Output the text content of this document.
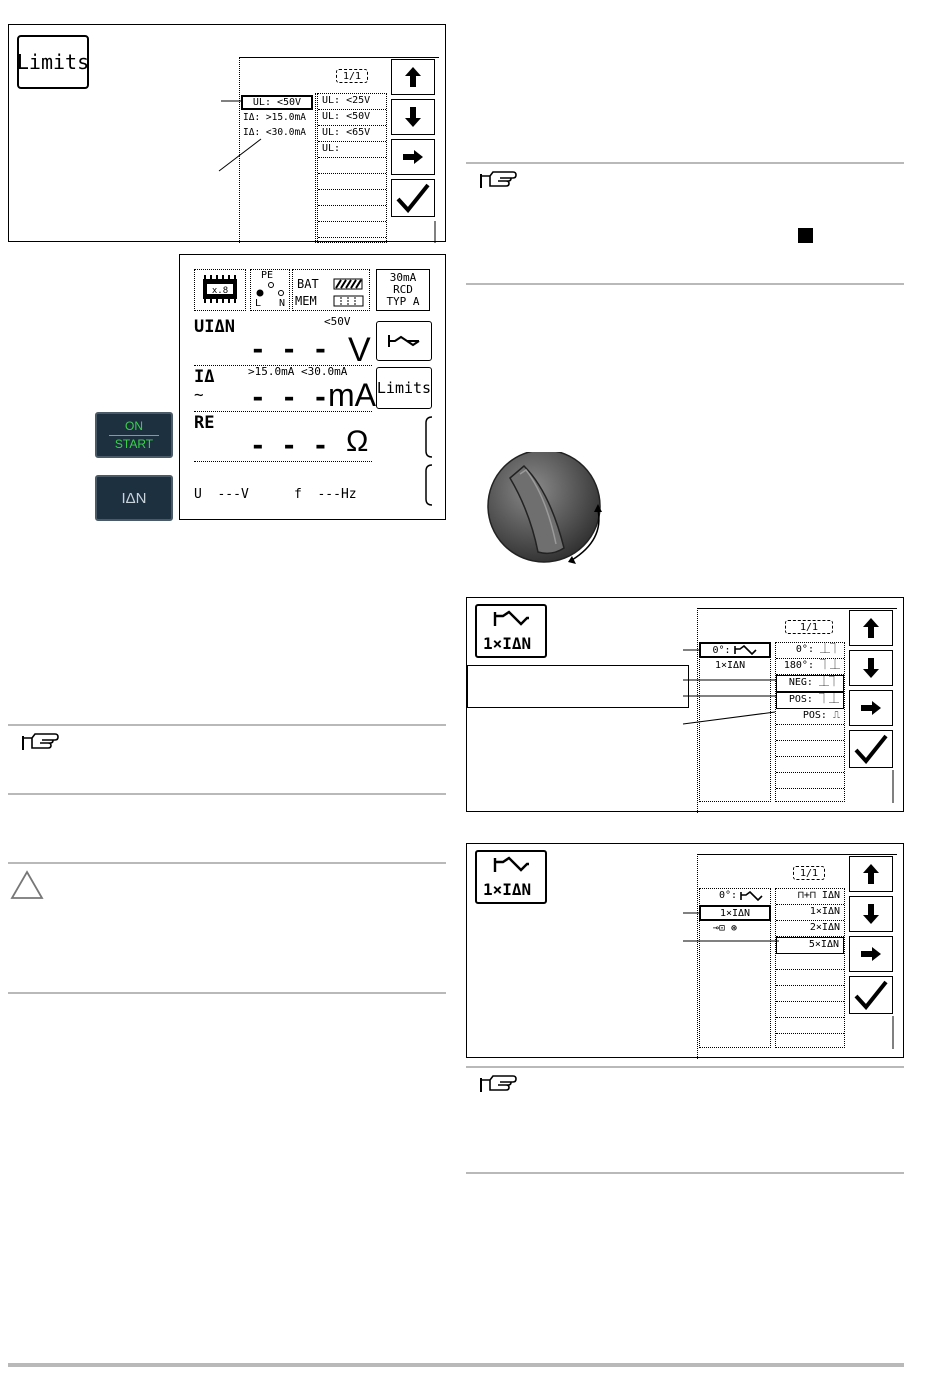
Limits
1/1
UL: <50V
IΔ: >15.0mA
IΔ: <30.0mA
UL: <25V
UL: <50V
UL: <65V
UL:
x.8
PE
L N
BAT
MEM
30mA
RCD
TYP A
UIΔN	<50V
- - - V
IΔ
∼
>15.0mA <30.0mA
- - - mA
RE
- - - Ω
U  ---V	f  ---Hz
Limits
ON
START
IΔN
1×IΔN
1/1
0°:
1×IΔN
0°: ⏊⏋
180°: ⏋⏊
NEG: ⏊⏋
POS: ⏋⏊
POS: ⎍
1×IΔN
1/1
0°:
1×IΔN
⊸⊡ ⊛
⊓+⊓ IΔN
1×IΔN
2×IΔN
5×IΔN
